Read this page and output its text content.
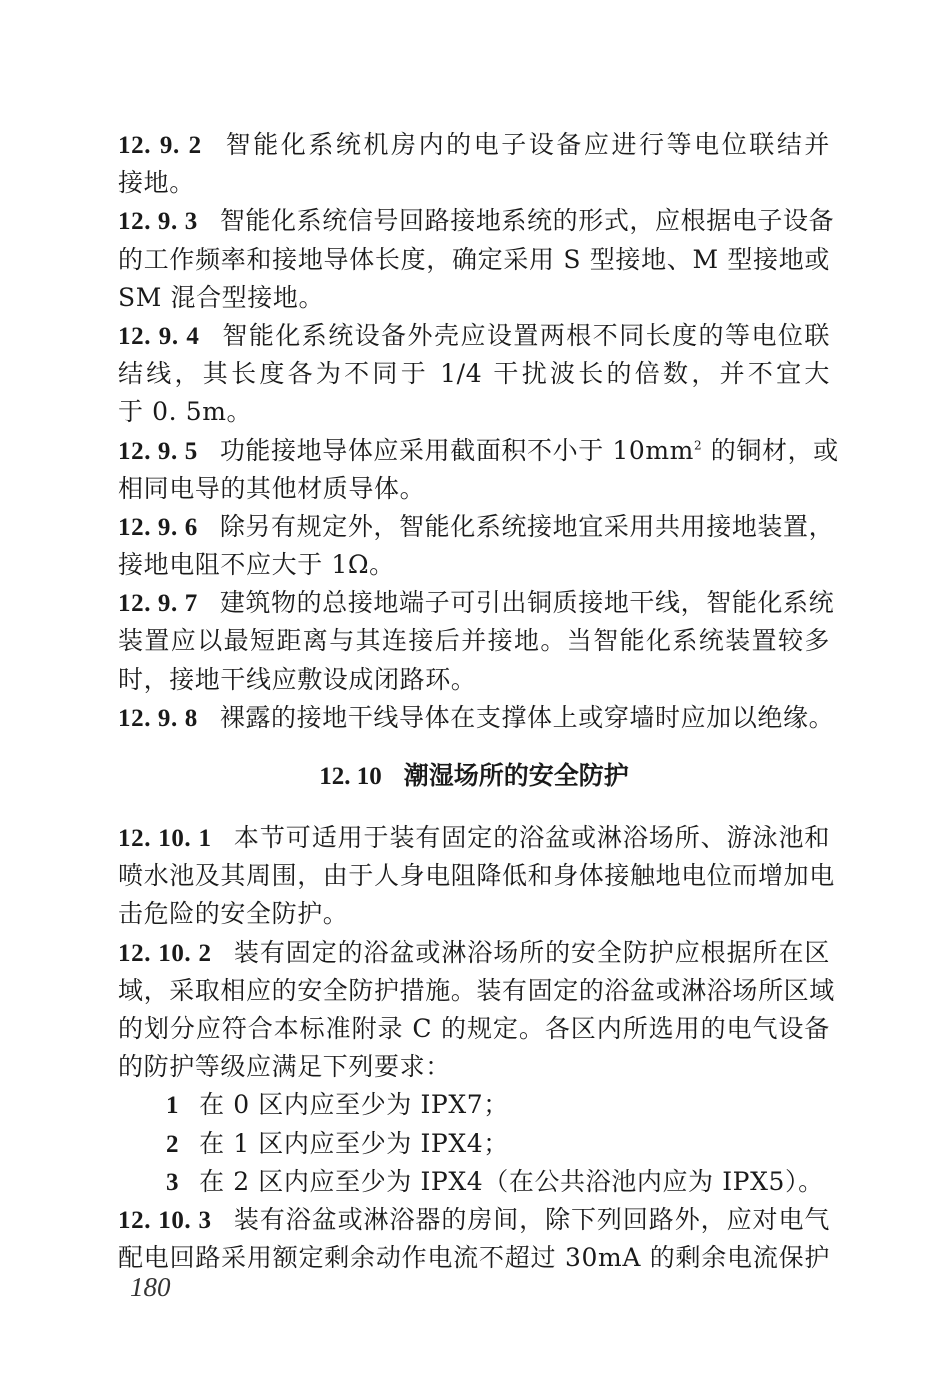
12. 9. 2 智能化系统机房内的电子设备应进行等电位联结并
接地。
12. 9. 3 智能化系统信号回路接地系统的形式，应根据电子设备
的工作频率和接地导体长度，确定采用 S 型接地、M 型接地或
SM 混合型接地。
12. 9. 4 智能化系统设备外壳应设置两根不同长度的等电位联
结线，其长度各为不同于 1/4 干扰波长的倍数，并不宜大
于 0. 5m。
12. 9. 5 功能接地导体应采用截面积不小于 $10mm^2$ 的铜材，或
相同电导的其他材质导体。
12. 9. 6 除另有规定外，智能化系统接地宜采用共用接地装置，
接地电阻不应大于 1Ω。
12. 9. 7 建筑物的总接地端子可引出铜质接地干线，智能化系统
装置应以最短距离与其连接后并接地。当智能化系统装置较多
时，接地干线应敷设成闭路环。
12. 9. 8 裸露的接地干线导体在支撑体上或穿墙时应加以绝缘。
12. 10 潮湿场所的安全防护
12. 10. 1 本节可适用于装有固定的浴盆或淋浴场所、游泳池和
喷水池及其周围，由于人身电阻降低和身体接触地电位而增加电
击危险的安全防护。
12. 10. 2 装有固定的浴盆或淋浴场所的安全防护应根据所在区
域，采取相应的安全防护措施。装有固定的浴盆或淋浴场所区域
的划分应符合本标准附录 C 的规定。各区内所选用的电气设备
的防护等级应满足下列要求：
1 在 0 区内应至少为 IPX7；
2 在 1 区内应至少为 IPX4；
3 在 2 区内应至少为 IPX4（在公共浴池内应为 IPX5）。
12. 10. 3 装有浴盆或淋浴器的房间，除下列回路外，应对电气
配电回路采用额定剩余动作电流不超过 30mA 的剩余电流保护
180
